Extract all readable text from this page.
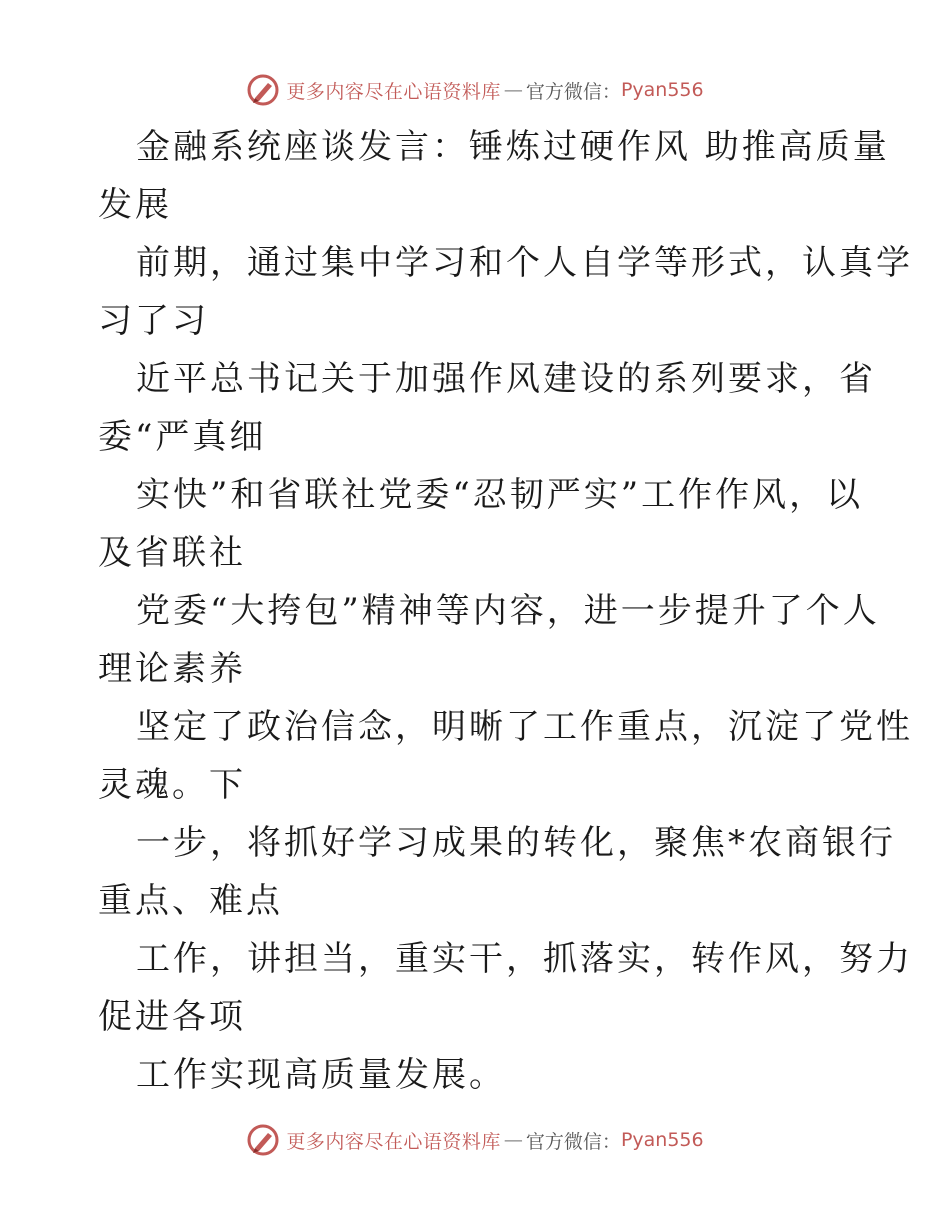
更多内容尽在心语资料库 — 官方微信： Pyan556
金融系统座谈发言：锤炼过硬作风 助推高质量
发展
前期，通过集中学习和个人自学等形式，认真学
习了习
近平总书记关于加强作风建设的系列要求，省
委“严真细
实快”和省联社党委“忍韧严实”工作作风，以
及省联社
党委“大挎包”精神等内容，进一步提升了个人
理论素养
坚定了政治信念，明晰了工作重点，沉淀了党性
灵魂。下
一步，将抓好学习成果的转化，聚焦*农商银行
重点、难点
工作，讲担当，重实干，抓落实，转作风，努力
促进各项
工作实现高质量发展。
更多内容尽在心语资料库 — 官方微信： Pyan556
